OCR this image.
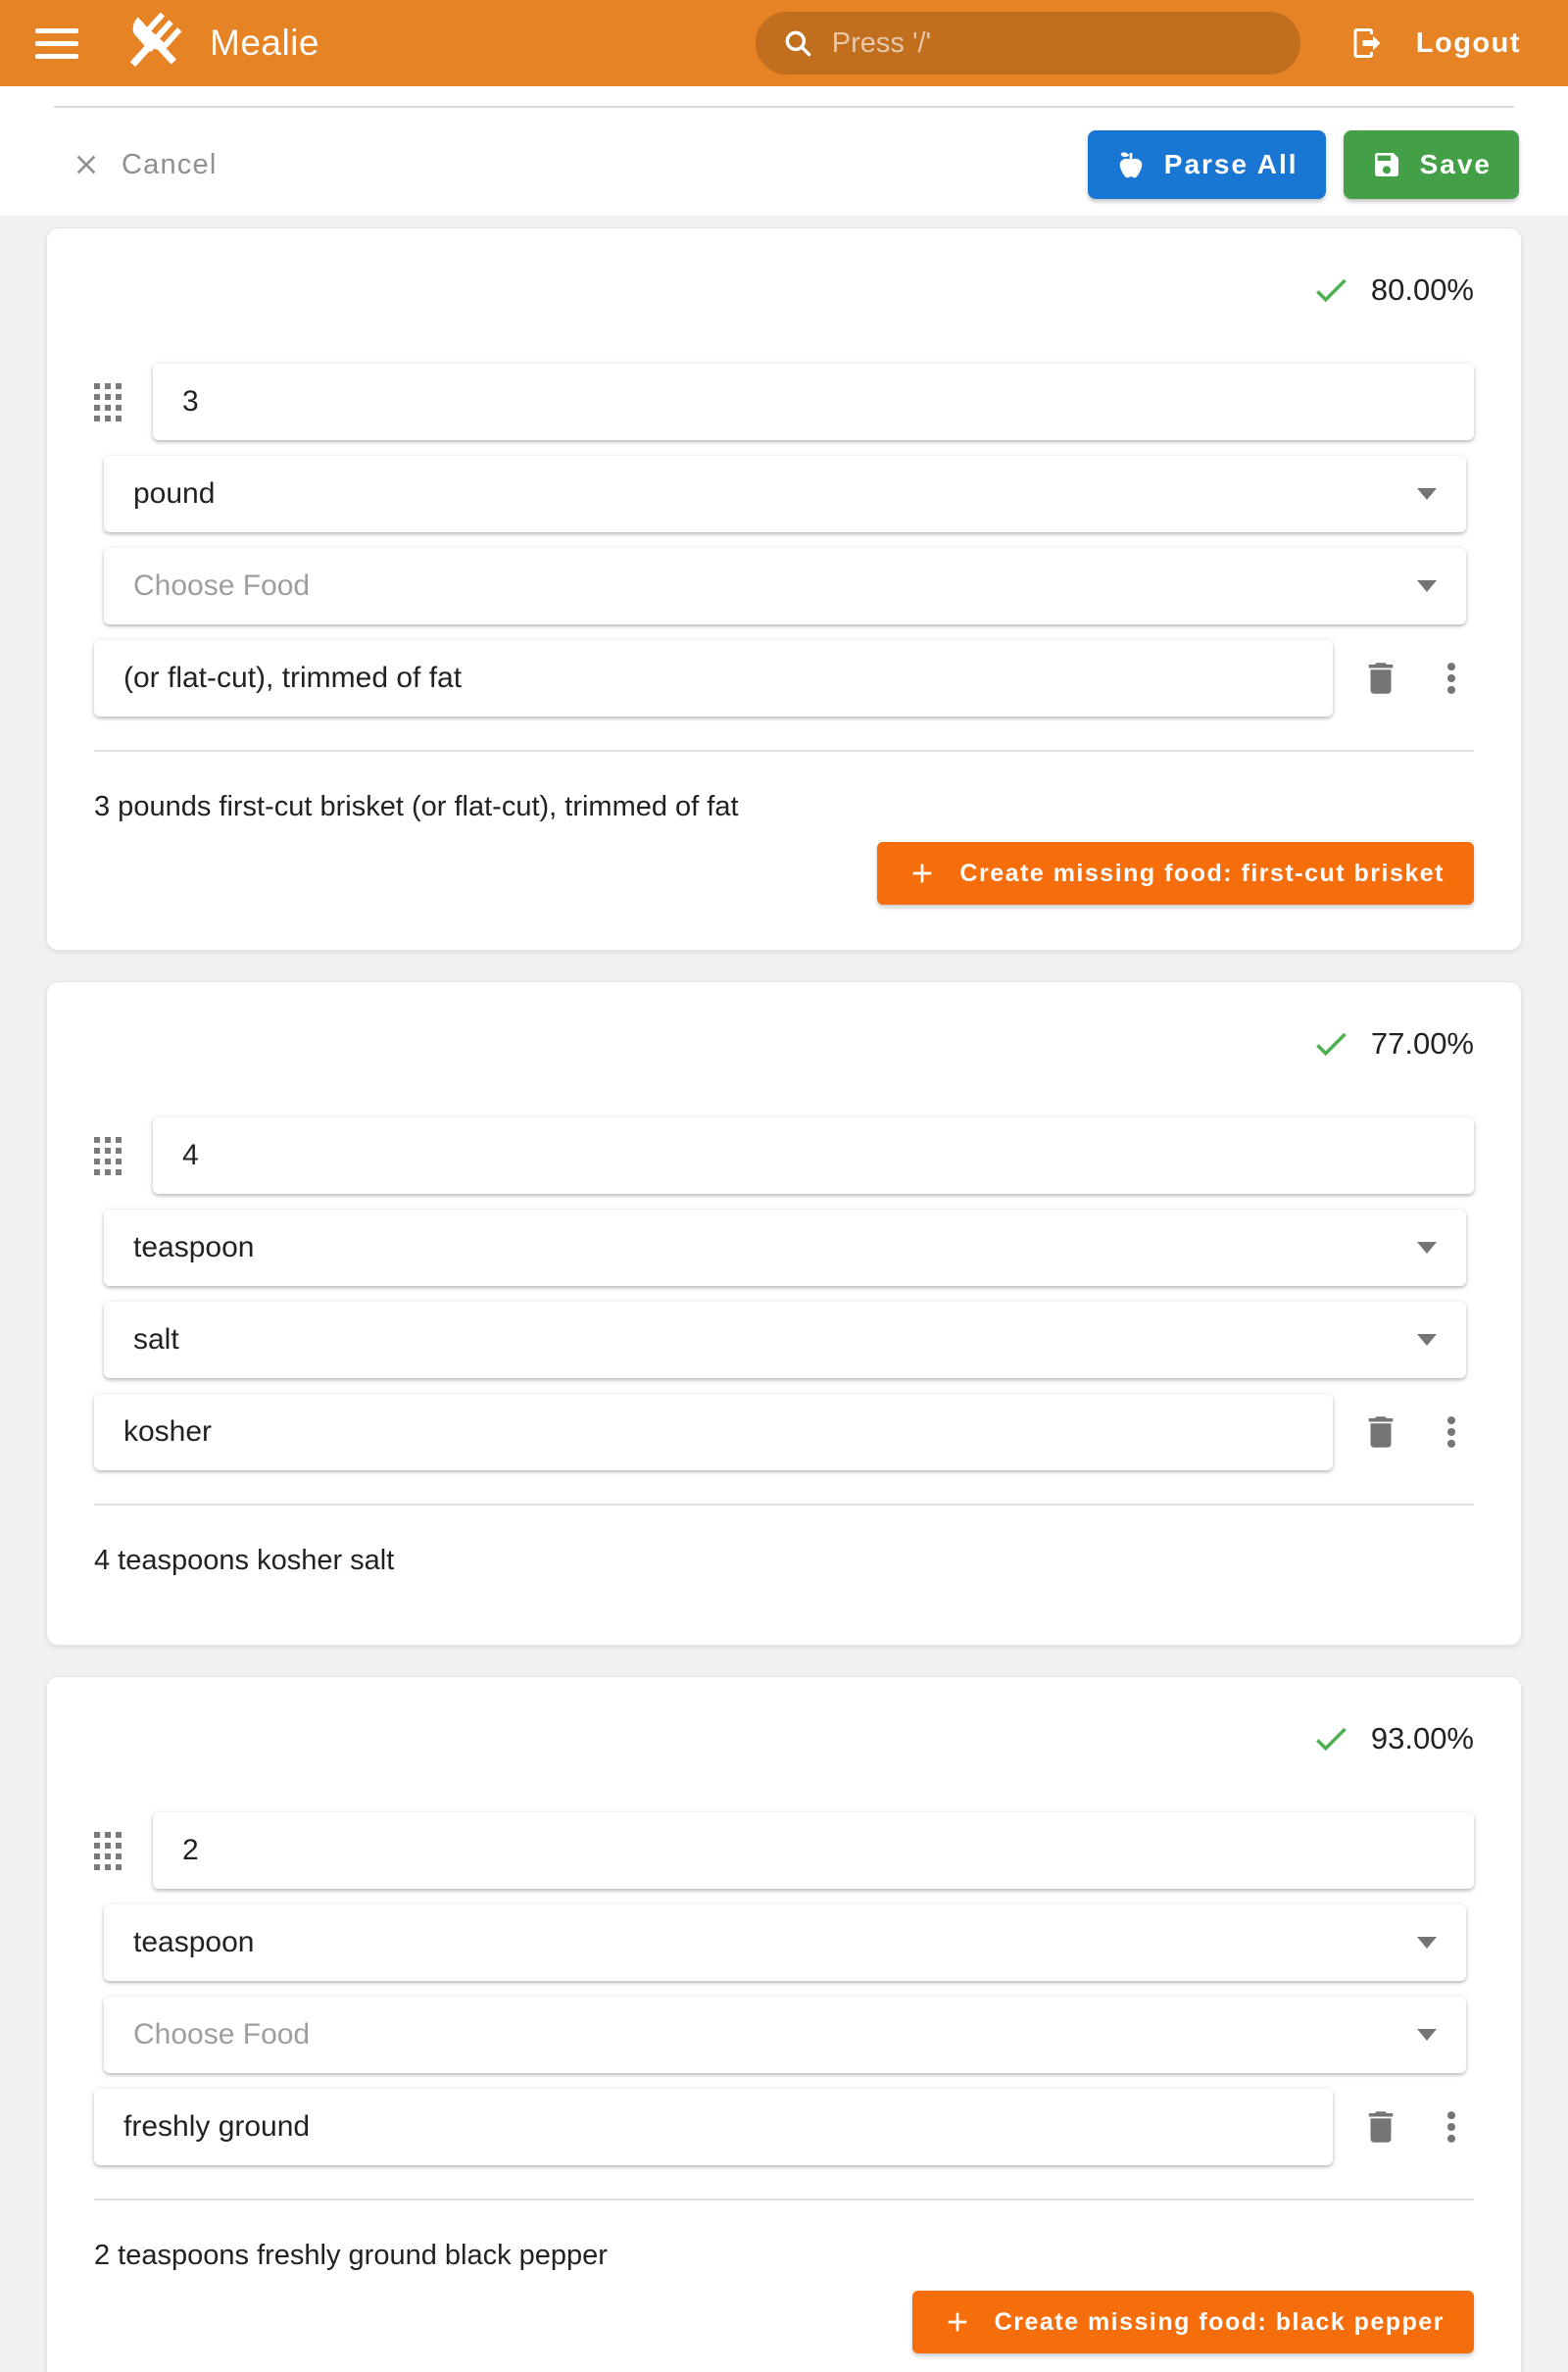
Mealie	Press '/'	Logout
Cancel	Parse All	Save
80.00%
3
pound
Choose Food
(or flat-cut), trimmed of fat
3 pounds first-cut brisket (or flat-cut), trimmed of fat
Create missing food: first-cut brisket
77.00%
4
teaspoon
salt
kosher
4 teaspoons kosher salt
93.00%
2
teaspoon
Choose Food
freshly ground
2 teaspoons freshly ground black pepper
Create missing food: black pepper
